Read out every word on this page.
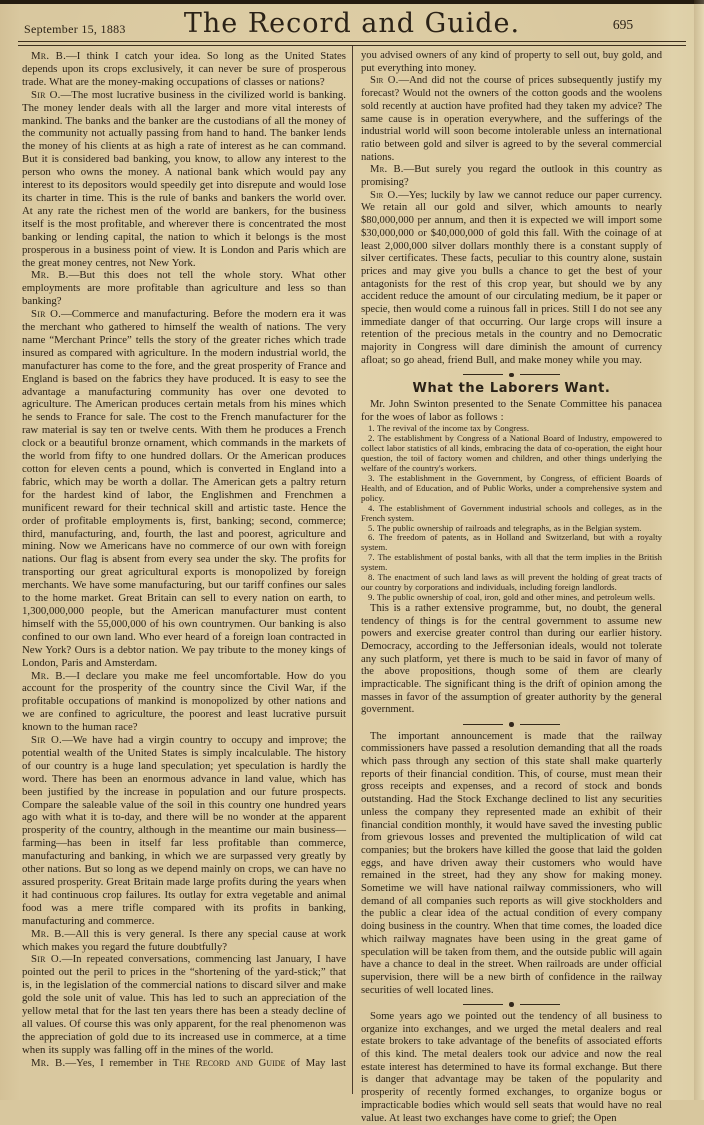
September 15, 1883	The Record and Guide.	695

Mr. B.—I think I catch your idea. So long as the United States depends upon its crops exclusively, it can never be sure of prosperous trade. What are the money-making occupations of classes or nations?

Sir O.—The most lucrative business in the civilized world is banking. The money lender deals with all the larger and more vital interests of mankind. The banks and the banker are the custodians of all the money of the community not actually passing from hand to hand. The banker lends the money of his clients at as high a rate of interest as he can command. But it is considered bad banking, you know, to allow any interest to the person who owns the money. A national bank which would pay any interest to its depositors would speedily get into disrepute and would lose its charter in time. This is the rule of banks and bankers the world over. At any rate the richest men of the world are bankers, for the business itself is the most profitable, and wherever there is concentrated the most banking or lending capital, the nation to which it belongs is the most prosperous in a business point of view. It is London and Paris which are the great money centres, not New York.

Mr. B.—But this does not tell the whole story. What other employments are more profitable than agriculture and less so than banking?

Sir O.—Commerce and manufacturing. Before the modern era it was the merchant who gathered to himself the wealth of nations. The very name “Merchant Prince” tells the story of the greater riches which trade insured as compared with agriculture. In the modern industrial world, the manufacturer has come to the fore, and the great prosperity of France and England is based on the fabrics they have produced. It is easy to see the advantage a manufacturing community has over one devoted to agriculture. The American produces certain metals from his mines which he sends to France for sale. The cost to the French manufacturer for the raw material is say ten or twelve cents. With them he produces a French clock or a beautiful bronze ornament, which commands in the markets of the world from fifty to one hundred dollars. Or the American produces cotton for eleven cents a pound, which is converted in England into a fabric, which may be worth a dollar. The American gets a paltry return for the hardest kind of labor, the Englishmen and Frenchmen a munificent reward for their technical skill and artistic taste. Hence the order of profitable employments is, first, banking; second, commerce; third, manufacturing, and, fourth, the last and poorest, agriculture and mining. Now we Americans have no commerce of our own with foreign nations. Our flag is absent from every sea under the sky. The profits for transporting our great agricultural exports is monopolized by foreign merchants. We have some manufacturing, but our tariff confines our sales to the home market. Great Britain can sell to every nation on earth, to 1,300,000,000 people, but the American manufacturer must content himself with the 55,000,000 of his own countrymen. Our banking is also confined to our own land. Who ever heard of a foreign loan contracted in New York? Ours is a debtor nation. We pay tribute to the money kings of London, Paris and Amsterdam.

Mr. B.—I declare you make me feel uncomfortable. How do you account for the prosperity of the country since the Civil War, if the profitable occupations of mankind is monopolized by other nations and we are confined to agriculture, the poorest and least lucrative pursuit known to the human race?

Sir O.—We have had a virgin country to occupy and improve; the potential wealth of the United States is simply incalculable. The history of our country is a huge land speculation; yet speculation is hardly the word. There has been an enormous advance in land value, which has been justified by the increase in population and our future prospects. Compare the saleable value of the soil in this country one hundred years ago with what it is to-day, and there will be no wonder at the apparent prosperity of the country, although in the meantime our main business—farming—has been in itself far less profitable than commerce, manufacturing and banking, in which we are surpassed very greatly by other nations. But so long as we depend mainly on crops, we can have no assured prosperity. Great Britain made large profits during the years when it had continuous crop failures. Its outlay for extra vegetable and animal food was a mere trifle compared with its profits in banking, manufacturing and commerce.

Mr. B.—All this is very general. Is there any special cause at work which makes you regard the future doubtfully?

Sir O.—In repeated conversations, commencing last January, I have pointed out the peril to prices in the “shortening of the yard-stick;” that is, in the legislation of the commercial nations to discard silver and make gold the sole unit of value. This has led to such an appreciation of the yellow metal that for the last ten years there has been a steady decline of all values. Of course this was only apparent, for the real phenomenon was the appreciation of gold due to its increased use in commerce, at a time when its supply was falling off in the mines of the world.

Mr. B.—Yes, I remember in The Record and Guide of May last

you advised owners of any kind of property to sell out, buy gold, and put everything into money.

Sir O.—And did not the course of prices subsequently justify my forecast? Would not the owners of the cotton goods and the woolens sold recently at auction have profited had they taken my advice? The same cause is in operation everywhere, and the sufferings of the industrial world will soon become intolerable unless an international ratio between gold and silver is agreed to by the several commercial nations.

Mr. B.—But surely you regard the outlook in this country as promising?

Sir O.—Yes; luckily by law we cannot reduce our paper currency. We retain all our gold and silver, which amounts to nearly $80,000,000 per annum, and then it is expected we will import some $30,000,000 or $40,000,000 of gold this fall. With the coinage of at least 2,000,000 silver dollars monthly there is a constant supply of silver certificates. These facts, peculiar to this country alone, sustain prices and may give you bulls a chance to get the best of your antagonists for the rest of this crop year, but should we by any accident reduce the amount of our circulating medium, be it paper or specie, then would come a ruinous fall in prices. Still I do not see any immediate danger of that occurring. Our large crops will insure a retention of the precious metals in the country and no Democratic majority in Congress will dare diminish the amount of currency afloat; so go ahead, friend Bull, and make money while you may.

What the Laborers Want.

Mr. John Swinton presented to the Senate Committee his panacea for the woes of labor as follows :

1. The revival of the income tax by Congress.

2. The establishment by Congress of a National Board of Industry, empowered to collect labor statistics of all kinds, embracing the data of co-operation, the eight hour question, the toil of factory women and children, and other things underlying the welfare of the country's workers.

3. The establishment in the Government, by Congress, of efficient Boards of Health, and of Education, and of Public Works, under a comprehensive system and policy.

4. The establishment of Government industrial schools and colleges, as in the French system.

5. The public ownership of railroads and telegraphs, as in the Belgian system.

6. The freedom of patents, as in Holland and Switzerland, but with a royalty system.

7. The establishment of postal banks, with all that the term implies in the British system.

8. The enactment of such land laws as will prevent the holding of great tracts of our country by corporations and individuals, including foreign landlords.

9. The public ownership of coal, iron, gold and other mines, and petroleum wells.

This is a rather extensive programme, but, no doubt, the general tendency of things is for the central government to assume new powers and exercise greater control than during our earlier history. Democracy, according to the Jeffersonian ideals, would not tolerate any such platform, yet there is much to be said in favor of many of the above propositions, though some of them are clearly impracticable. The significant thing is the drift of opinion among the masses in favor of the assumption of greater authority by the general government.

The important announcement is made that the railway commissioners have passed a resolution demanding that all the roads which pass through any section of this state shall make quarterly reports of their financial condition. This, of course, must mean their gross receipts and expenses, and a record of stock and bonds outstanding. Had the Stock Exchange declined to list any securities unless the company they represented made an exhibit of their financial condition monthly, it would have saved the investing public from grievous losses and prevented the multiplication of wild cat companies; but the brokers have killed the goose that laid the golden eggs, and have driven away their customers who would have remained in the street, had they any show for making money. Sometime we will have national railway commissioners, who will demand of all companies such reports as will give stockholders and the public a clear idea of the actual condition of every company doing business in the country. When that time comes, the loaded dice which railway magnates have been using in the great game of speculation will be taken from them, and the outside public will again have a chance to deal in the street. When railroads are under official supervision, there will be a new birth of confidence in the railway securities of well located lines.

Some years ago we pointed out the tendency of all business to organize into exchanges, and we urged the metal dealers and real estate brokers to take advantage of the benefits of associated efforts of this kind. The metal dealers took our advice and now the real estate interest has determined to have its formal exchange. But there is danger that advantage may be taken of the popularity and prosperity of recently formed exchanges, to organize bogus or impracticable bodies which would sell seats that would have no real value. At least two exchanges have come to grief; the Open
